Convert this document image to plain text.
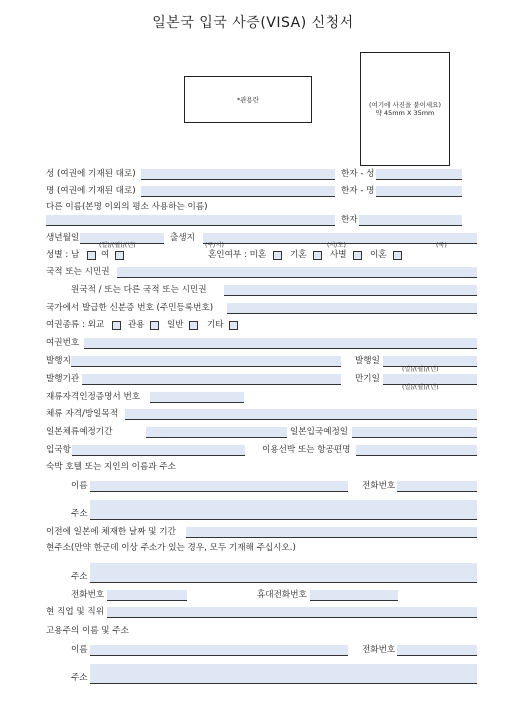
일본국 입국 사증(VISA) 신청서
*관용란
(여기에 사진을 붙이세요)
약 45mm X 35mm
성 (여권에 기재된 대로)	한자 - 성
명 (여권에 기재된 대로)	한자 - 명
다른 이름(본명 이외의 평소 사용하는 이름)
한자
생년월일
(일)/(월)/(년)
출생지
(구/시)	(시/도)	(국)
성별 : 남	여	혼인여부 : 미혼	기혼	사별	이혼
국적 또는 시민권
원국적 / 또는 다른 국적 또는 시민권
국가에서 발급한 신분증 번호 (주민등록번호)
여권종류 : 외교	관용	일반	기타
여권번호
발행지	발행일
(일)/(월)/(년)
발행기관	만기일
(일)/(월)/(년)
재류자격인정증명서 번호
체류 자격/방일목적
일본체류예정기간	일본입국예정일
입국항	이용선박 또는 항공편명
숙박 호텔 또는 지인의 이름과 주소
이름	전화번호
주소
이전에 일본에 체재한 날짜 및 기간
현주소(만약 한군데 이상 주소가 있는 경우, 모두 기재해 주십시오.)
주소
전화번호	휴대전화번호
현 직업 및 직위
고용주의 이름 및 주소
이름	전화번호
주소
